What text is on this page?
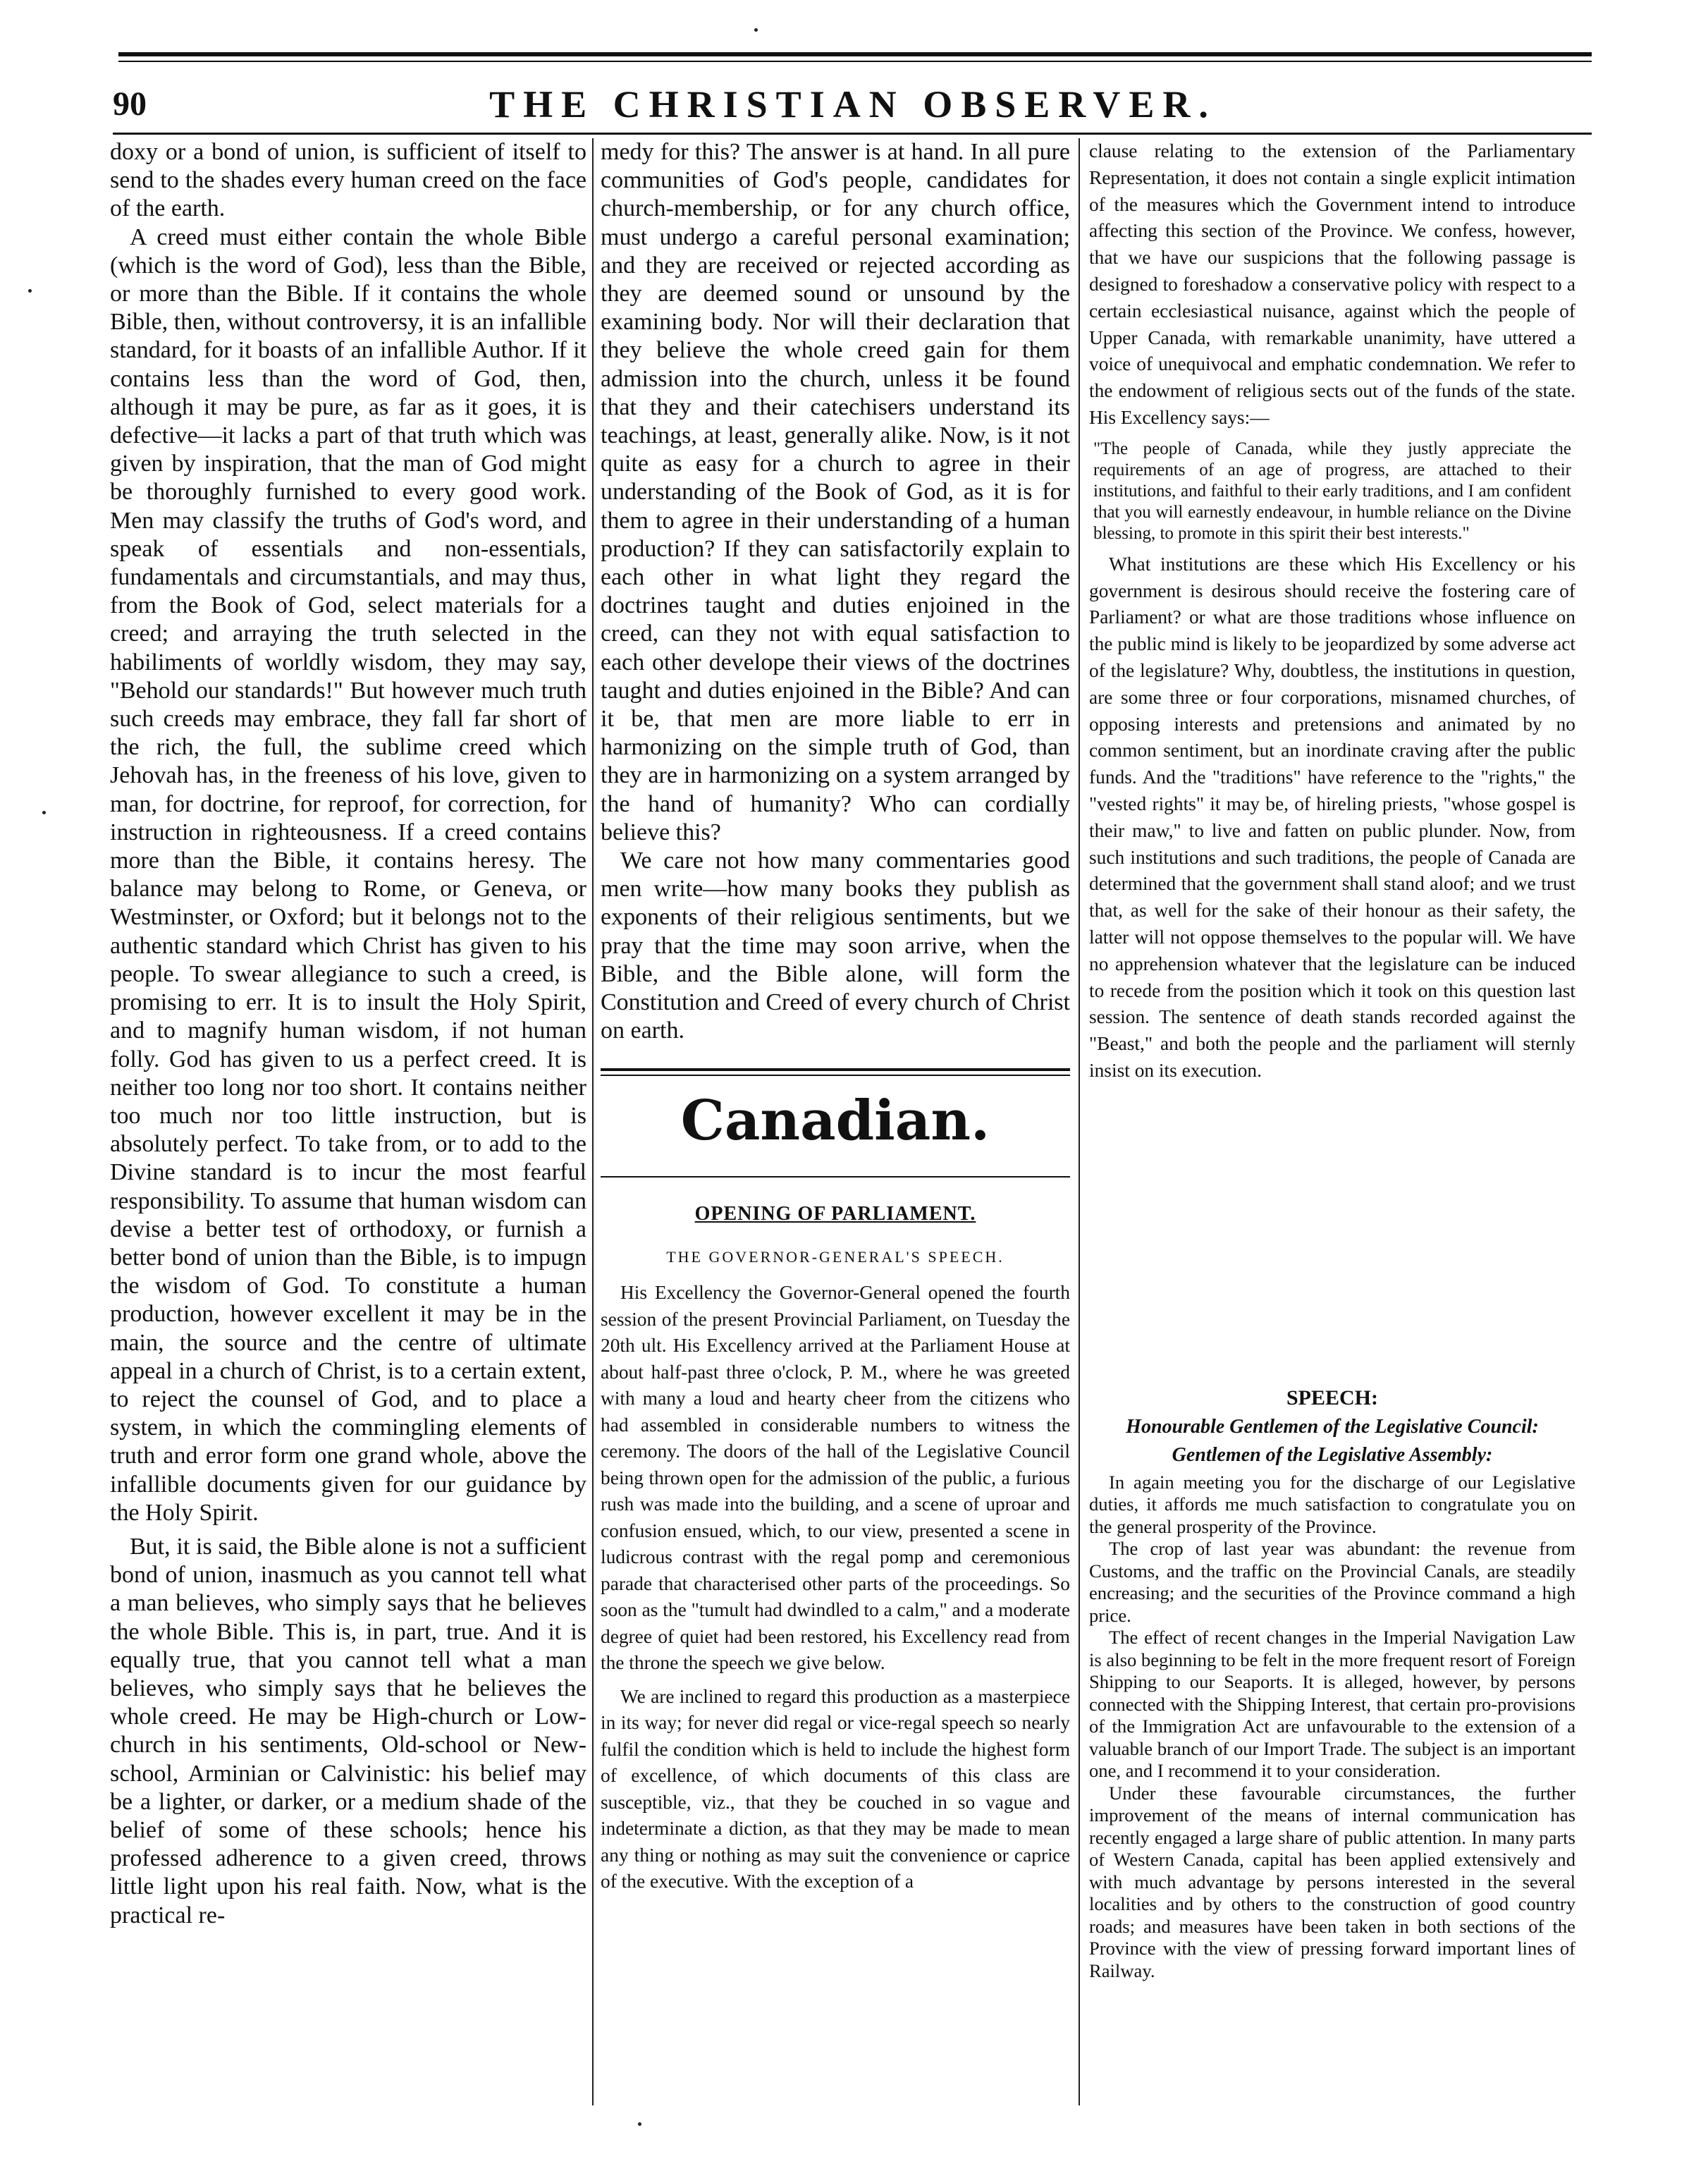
90	THE CHRISTIAN OBSERVER.

doxy or a bond of union, is sufficient of itself to send to the shades every human creed on the face of the earth.

A creed must either contain the whole Bible (which is the word of God), less than the Bible, or more than the Bible. If it contains the whole Bible, then, without controversy, it is an infallible standard, for it boasts of an infallible Author. If it contains less than the word of God, then, although it may be pure, as far as it goes, it is defective—it lacks a part of that truth which was given by inspiration, that the man of God might be thoroughly furnished to every good work. Men may classify the truths of God's word, and speak of essentials and non-essentials, fundamentals and circumstantials, and may thus, from the Book of God, select materials for a creed; and arraying the truth selected in the habiliments of worldly wisdom, they may say, "Behold our standards!" But however much truth such creeds may embrace, they fall far short of the rich, the full, the sublime creed which Jehovah has, in the freeness of his love, given to man, for doctrine, for reproof, for correction, for instruction in righteousness. If a creed contains more than the Bible, it contains heresy. The balance may belong to Rome, or Geneva, or Westminster, or Oxford; but it belongs not to the authentic standard which Christ has given to his people. To swear allegiance to such a creed, is promising to err. It is to insult the Holy Spirit, and to magnify human wisdom, if not human folly. God has given to us a perfect creed. It is neither too long nor too short. It contains neither too much nor too little instruction, but is absolutely perfect. To take from, or to add to the Divine standard is to incur the most fearful responsibility. To assume that human wisdom can devise a better test of orthodoxy, or furnish a better bond of union than the Bible, is to impugn the wisdom of God. To constitute a human production, however excellent it may be in the main, the source and the centre of ultimate appeal in a church of Christ, is to a certain extent, to reject the counsel of God, and to place a system, in which the commingling elements of truth and error form one grand whole, above the infallible documents given for our guidance by the Holy Spirit.

But, it is said, the Bible alone is not a sufficient bond of union, inasmuch as you cannot tell what a man believes, who simply says that he believes the whole Bible. This is, in part, true. And it is equally true, that you cannot tell what a man believes, who simply says that he believes the whole creed. He may be High-church or Low-church in his sentiments, Old-school or New-school, Arminian or Calvinistic: his belief may be a lighter, or darker, or a medium shade of the belief of some of these schools; hence his professed adherence to a given creed, throws little light upon his real faith. Now, what is the practical re-

medy for this? The answer is at hand. In all pure communities of God's people, candidates for church-membership, or for any church office, must undergo a careful personal examination; and they are received or rejected according as they are deemed sound or unsound by the examining body. Nor will their declaration that they believe the whole creed gain for them admission into the church, unless it be found that they and their catechisers understand its teachings, at least, generally alike. Now, is it not quite as easy for a church to agree in their understanding of the Book of God, as it is for them to agree in their understanding of a human production? If they can satisfactorily explain to each other in what light they regard the doctrines taught and duties enjoined in the creed, can they not with equal satisfaction to each other develope their views of the doctrines taught and duties enjoined in the Bible? And can it be, that men are more liable to err in harmonizing on the simple truth of God, than they are in harmonizing on a system arranged by the hand of humanity? Who can cordially believe this?

We care not how many commentaries good men write—how many books they publish as exponents of their religious sentiments, but we pray that the time may soon arrive, when the Bible, and the Bible alone, will form the Constitution and Creed of every church of Christ on earth.

Canadian.
OPENING OF PARLIAMENT.
THE GOVERNOR-GENERAL'S SPEECH.

His Excellency the Governor-General opened the fourth session of the present Provincial Parliament, on Tuesday the 20th ult. His Excellency arrived at the Parliament House at about half-past three o'clock, P. M., where he was greeted with many a loud and hearty cheer from the citizens who had assembled in considerable numbers to witness the ceremony. The doors of the hall of the Legislative Council being thrown open for the admission of the public, a furious rush was made into the building, and a scene of uproar and confusion ensued, which, to our view, presented a scene in ludicrous contrast with the regal pomp and ceremonious parade that characterised other parts of the proceedings. So soon as the "tumult had dwindled to a calm," and a moderate degree of quiet had been restored, his Excellency read from the throne the speech we give below.

We are inclined to regard this production as a masterpiece in its way; for never did regal or vice-regal speech so nearly fulfil the condition which is held to include the highest form of excellence, of which documents of this class are susceptible, viz., that they be couched in so vague and indeterminate a diction, as that they may be made to mean any thing or nothing as may suit the convenience or caprice of the executive. With the exception of a

clause relating to the extension of the Parliamentary Representation, it does not contain a single explicit intimation of the measures which the Government intend to introduce affecting this section of the Province. We confess, however, that we have our suspicions that the following passage is designed to foreshadow a conservative policy with respect to a certain ecclesiastical nuisance, against which the people of Upper Canada, with remarkable unanimity, have uttered a voice of unequivocal and emphatic condemnation. We refer to the endowment of religious sects out of the funds of the state. His Excellency says:—

"The people of Canada, while they justly appreciate the requirements of an age of progress, are attached to their institutions, and faithful to their early traditions, and I am confident that you will earnestly endeavour, in humble reliance on the Divine blessing, to promote in this spirit their best interests."

What institutions are these which His Excellency or his government is desirous should receive the fostering care of Parliament? or what are those traditions whose influence on the public mind is likely to be jeopardized by some adverse act of the legislature? Why, doubtless, the institutions in question, are some three or four corporations, misnamed churches, of opposing interests and pretensions and animated by no common sentiment, but an inordinate craving after the public funds. And the "traditions" have reference to the "rights," the "vested rights" it may be, of hireling priests, "whose gospel is their maw," to live and fatten on public plunder. Now, from such institutions and such traditions, the people of Canada are determined that the government shall stand aloof; and we trust that, as well for the sake of their honour as their safety, the latter will not oppose themselves to the popular will. We have no apprehension whatever that the legislature can be induced to recede from the position which it took on this question last session. The sentence of death stands recorded against the "Beast," and both the people and the parliament will sternly insist on its execution.

SPEECH:

Honourable Gentlemen of the Legislative Council:

Gentlemen of the Legislative Assembly:

In again meeting you for the discharge of our Legislative duties, it affords me much satisfaction to congratulate you on the general prosperity of the Province.

The crop of last year was abundant: the revenue from Customs, and the traffic on the Provincial Canals, are steadily encreasing; and the securities of the Province command a high price.

The effect of recent changes in the Imperial Navigation Law is also beginning to be felt in the more frequent resort of Foreign Shipping to our Seaports. It is alleged, however, by persons connected with the Shipping Interest, that certain pro-provisions of the Immigration Act are unfavourable to the extension of a valuable branch of our Import Trade. The subject is an important one, and I recommend it to your consideration.

Under these favourable circumstances, the further improvement of the means of internal communication has recently engaged a large share of public attention. In many parts of Western Canada, capital has been applied extensively and with much advantage by persons interested in the several localities and by others to the construction of good country roads; and measures have been taken in both sections of the Province with the view of pressing forward important lines of Railway.
